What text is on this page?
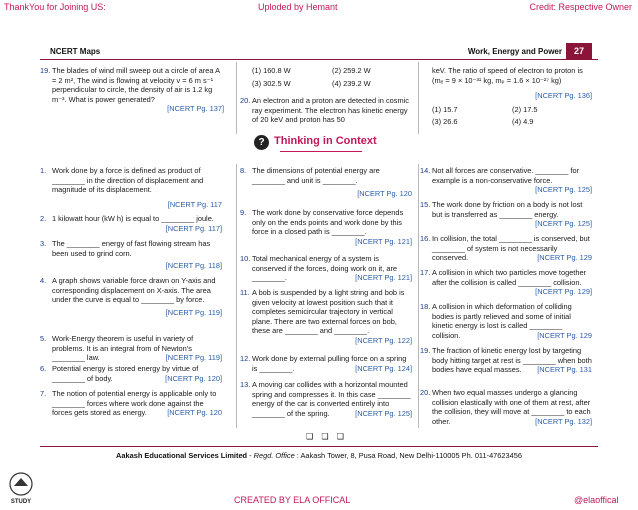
ThankYou for Joining US:	Uploded by Hemant	Credit: Respective Owner
NCERT Maps	Work, Energy and Power	27
19. The blades of wind mill sweep out a circle of area A = 2 m², The wind is flowing at velocity v = 6 m s⁻¹ perpendicular to circle, the density of air is 1.2 kg m⁻³. What is power generated?
[NCERT Pg. 137]
(1) 160.8 W	(2) 259.2 W
(3) 302.5 W	(4) 239.2 W
20. An electron and a proton are detected in cosmic ray experiment. The electron has kinetic energy of 20 keV and proton has 50
keV. The ratio of speed of electron to proton is (mₑ = 9 × 10⁻³¹ kg, mₚ = 1.6 × 10⁻²⁷ kg)
[NCERT Pg. 136]
(1) 15.7	(2) 17.5
(3) 26.6	(4) 4.9
? Thinking in Context
1. Work done by a force is defined as product of ________ in the direction of displacement and magnitude of its displacement.
[NCERT Pg. 117
2. 1 kilowatt hour (kW h) is equal to ________ joule.
[NCERT Pg. 117]
3. The ________ energy of fast flowing stream has been used to grind corn.
[NCERT Pg. 118]
4. A graph shows variable force drawn on Y-axis and corresponding displacement on X-axis. The area under the curve is equal to ________ by force.
[NCERT Pg. 119]
5. Work-Energy theorem is useful in variety of problems. It is an integral from of Newton’s ________ law.	[NCERT Pg. 119]
6. Potential energy is stored energy by virtue of ________ of body.	[NCERT Pg. 120]
7. The notion of potential energy is applicable only to ________ forces where work done against the forces gets stored as energy.	[NCERT Pg. 120
8. The dimensions of potential energy are ________ and unit is ________.
[NCERT Pg. 120
9. The work done by conservative force depends only on the ends points and work done by this force in a closed path is ________.
[NCERT Pg. 121]
10. Total mechanical energy of a system is conserved if the forces, doing work on it, are ________.	[NCERT Pg. 121]
11. A bob is suspended by a light string and bob is given velocity at lowest position such that it completes semicircular trajectory in vertical plane. There are two external forces on bob, these are ________ and ________.
[NCERT Pg. 122]
12. Work done by external pulling force on a spring is ________.	[NCERT Pg. 124]
13. A moving car collides with a horizontal mounted spring and compresses it. In this case ________ energy of the car is converted entirely into ________ of the spring.	[NCERT Pg. 125]
14. Not all forces are conservative. ________ for example is a non-conservative force.
[NCERT Pg. 125]
15. The work done by friction on a body is not lost but is transferred as ________ energy.
[NCERT Pg. 125]
16. In collision, the total ________ is conserved, but ________ of system is not necessarily conserved.	[NCERT Pg. 129
17. A collision in which two particles move together after the collision is called ________ collision.
[NCERT Pg. 129]
18. A collision in which deformation of colliding bodies is partly relieved and some of initial kinetic energy is lost is called ________ collision.	[NCERT Pg. 129
19. The fraction of kinetic energy lost by targeting body hitting target at rest is ________ when both bodies have equal masses. [NCERT Pg. 131
20. When two equal masses undergo a glancing collision elastically with one of them at rest, after the collision, they will move at ________ to each other.	[NCERT Pg. 132]
❑ ❑ ❑
Aakash Educational Services Limited - Regd. Office : Aakash Tower, 8, Pusa Road, New Delhi-110005 Ph. 011-47623456
STUDY	CREATED BY ELA OFFICAL	@elaoffical
